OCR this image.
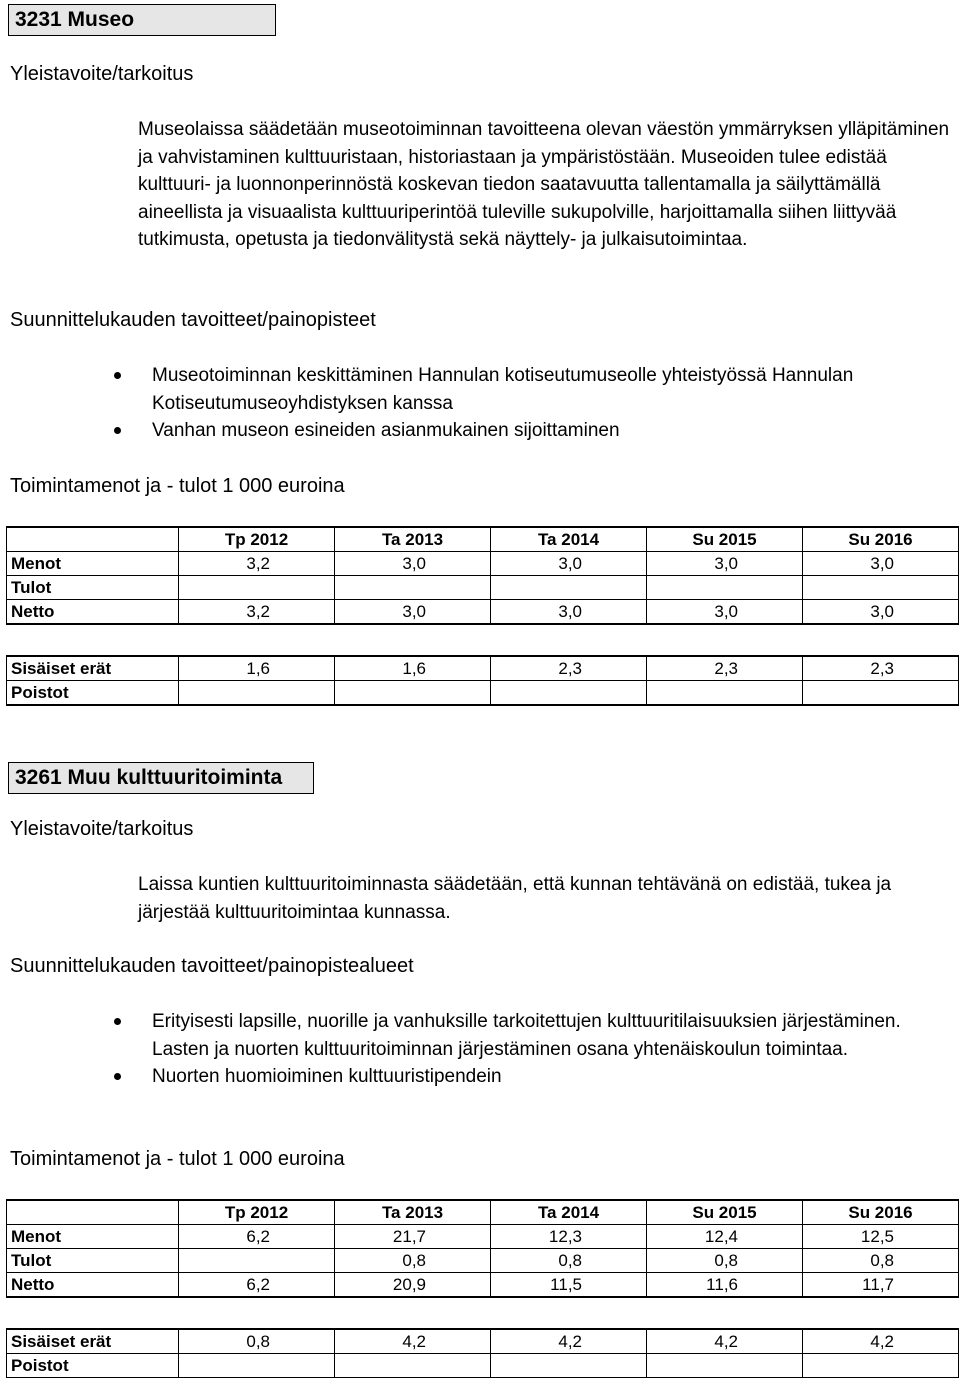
3231 Museo
Yleistavoite/tarkoitus
Museolaissa säädetään museotoiminnan tavoitteena olevan väestön ymmärryksen ylläpitäminen ja vahvistaminen kulttuuristaan, historiastaan ja ympäristöstään. Museoiden tulee edistää kulttuuri- ja luonnonperinnöstä koskevan tiedon saatavuutta tallentamalla ja säilyttämällä aineellista ja visuaalista kulttuuriperintöä tuleville sukupolville, harjoittamalla siihen liittyvää tutkimusta, opetusta ja tiedonvälitystä sekä näyttely- ja julkaisutoimintaa.
Suunnittelukauden tavoitteet/painopisteet
Museotoiminnan keskittäminen Hannulan kotiseutumuseolle yhteistyössä Hannulan Kotiseutumuseoyhdistyksen kanssa
Vanhan museon esineiden asianmukainen sijoittaminen
Toimintamenot ja - tulot 1 000 euroina
	Tp 2012	Ta 2013	Ta 2014	Su 2015	Su 2016
Menot	3,2	3,0	3,0	3,0	3,0
Tulot					
Netto	3,2	3,0	3,0	3,0	3,0
Sisäiset erät	1,6	1,6	2,3	2,3	2,3
Poistot					
3261 Muu kulttuuritoiminta
Yleistavoite/tarkoitus
Laissa kuntien kulttuuritoiminnasta säädetään, että kunnan tehtävänä on edistää, tukea ja järjestää kulttuuritoimintaa kunnassa.
Suunnittelukauden tavoitteet/painopistealueet
Erityisesti lapsille, nuorille ja vanhuksille tarkoitettujen kulttuuritilaisuuksien järjestäminen. Lasten ja nuorten kulttuuritoiminnan järjestäminen osana yhtenäiskoulun toimintaa.
Nuorten huomioiminen kulttuuristipendein
Toimintamenot ja - tulot 1 000 euroina
	Tp 2012	Ta 2013	Ta 2014	Su 2015	Su 2016
Menot	6,2	21,7	12,3	12,4	12,5
Tulot		0,8	0,8	0,8	0,8
Netto	6,2	20,9	11,5	11,6	11,7
Sisäiset erät	0,8	4,2	4,2	4,2	4,2
Poistot					
